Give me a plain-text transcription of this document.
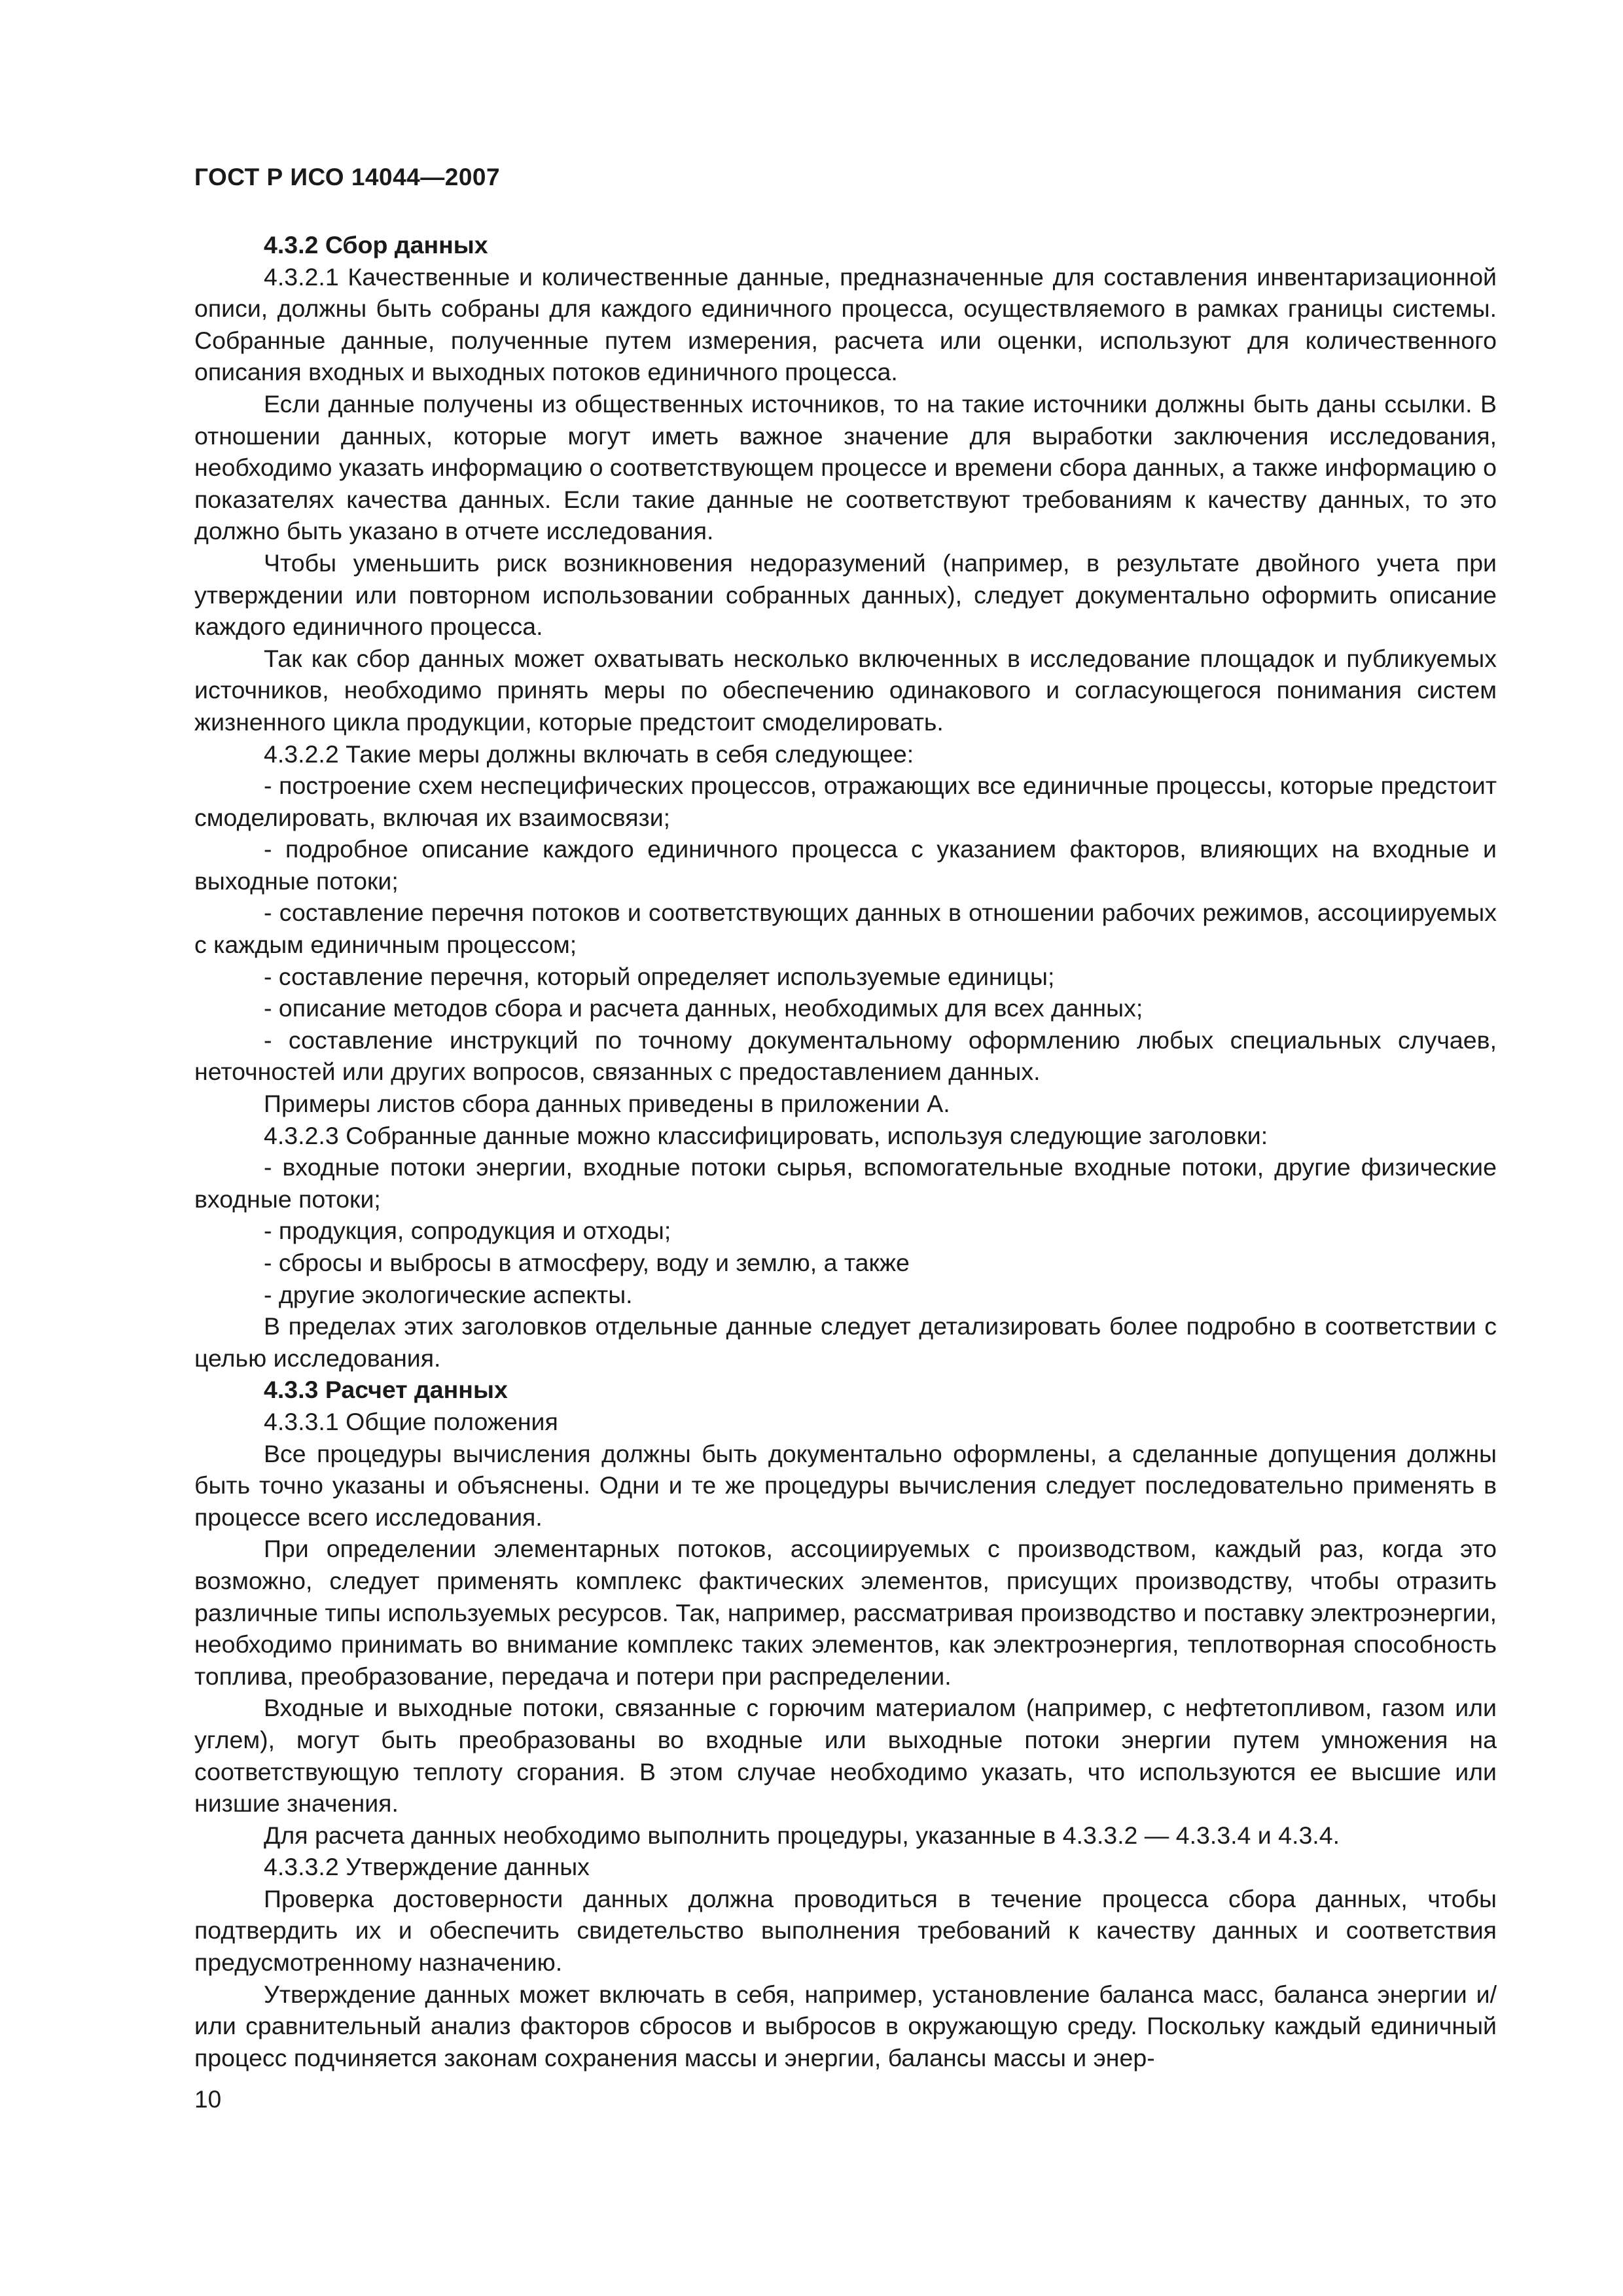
ГОСТ Р ИСО 14044—2007

4.3.2 Сбор данных

4.3.2.1 Качественные и количественные данные, предназначенные для составления инвентаризационной описи, должны быть собраны для каждого единичного процесса, осуществляемого в рамках границы системы. Собранные данные, полученные путем измерения, расчета или оценки, используют для количественного описания входных и выходных потоков единичного процесса.

Если данные получены из общественных источников, то на такие источники должны быть даны ссылки. В отношении данных, которые могут иметь важное значение для выработки заключения исследования, необходимо указать информацию о соответствующем процессе и времени сбора данных, а также информацию о показателях качества данных. Если такие данные не соответствуют требованиям к качеству данных, то это должно быть указано в отчете исследования.

Чтобы уменьшить риск возникновения недоразумений (например, в результате двойного учета при утверждении или повторном использовании собранных данных), следует документально оформить описание каждого единичного процесса.

Так как сбор данных может охватывать несколько включенных в исследование площадок и публикуемых источников, необходимо принять меры по обеспечению одинакового и согласующегося понимания систем жизненного цикла продукции, которые предстоит смоделировать.

4.3.2.2 Такие меры должны включать в себя следующее:

- построение схем неспецифических процессов, отражающих все единичные процессы, которые предстоит смоделировать, включая их взаимосвязи;

- подробное описание каждого единичного процесса с указанием факторов, влияющих на входные и выходные потоки;

- составление перечня потоков и соответствующих данных в отношении рабочих режимов, ассоциируемых с каждым единичным процессом;

- составление перечня, который определяет используемые единицы;

- описание методов сбора и расчета данных, необходимых для всех данных;

- составление инструкций по точному документальному оформлению любых специальных случаев, неточностей или других вопросов, связанных с предоставлением данных.

Примеры листов сбора данных приведены в приложении А.

4.3.2.3 Собранные данные можно классифицировать, используя следующие заголовки:

- входные потоки энергии, входные потоки сырья, вспомогательные входные потоки, другие физические входные потоки;

- продукция, сопродукция и отходы;

- сбросы и выбросы в атмосферу, воду и землю, а также

- другие экологические аспекты.

В пределах этих заголовков отдельные данные следует детализировать более подробно в соответствии с целью исследования.

4.3.3 Расчет данных

4.3.3.1 Общие положения

Все процедуры вычисления должны быть документально оформлены, а сделанные допущения должны быть точно указаны и объяснены. Одни и те же процедуры вычисления следует последовательно применять в процессе всего исследования.

При определении элементарных потоков, ассоциируемых с производством, каждый раз, когда это возможно, следует применять комплекс фактических элементов, присущих производству, чтобы отразить различные типы используемых ресурсов. Так, например, рассматривая производство и поставку электроэнергии, необходимо принимать во внимание комплекс таких элементов, как электроэнергия, теплотворная способность топлива, преобразование, передача и потери при распределении.

Входные и выходные потоки, связанные с горючим материалом (например, с нефтетопливом, газом или углем), могут быть преобразованы во входные или выходные потоки энергии путем умножения на соответствующую теплоту сгорания. В этом случае необходимо указать, что используются ее высшие или низшие значения.

Для расчета данных необходимо выполнить процедуры, указанные в 4.3.3.2 — 4.3.3.4 и 4.3.4.

4.3.3.2 Утверждение данных

Проверка достоверности данных должна проводиться в течение процесса сбора данных, чтобы подтвердить их и обеспечить свидетельство выполнения требований к качеству данных и соответствия предусмотренному назначению.

Утверждение данных может включать в себя, например, установление баланса масс, баланса энергии и/или сравнительный анализ факторов сбросов и выбросов в окружающую среду. Поскольку каждый единичный процесс подчиняется законам сохранения массы и энергии, балансы массы и энер-

10
